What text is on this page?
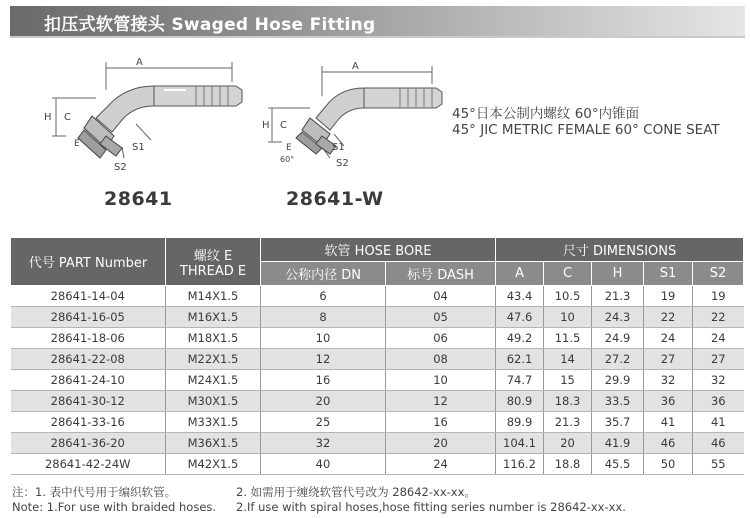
扣压式软管接头 Swaged Hose Fitting
A
H C
E	S1
S2
28641
A
H C
E
60°
S1
S2
28641-W
45°日本公制内螺纹 60°内锥面
45° JIC METRIC FEMALE 60° CONE SEAT
代号 PART Number	螺纹 E
THREAD E	软管 HOSE BORE		尺寸 DIMENSIONS				
		公称内径 DN	标号 DASH	A	C	H	S1	S2
28641-14-04	M14X1.5	6	04	43.4	10.5	21.3	19	19
28641-16-05	M16X1.5	8	05	47.6	10	24.3	22	22
28641-18-06	M18X1.5	10	06	49.2	11.5	24.9	24	24
28641-22-08	M22X1.5	12	08	62.1	14	27.2	27	27
28641-24-10	M24X1.5	16	10	74.7	15	29.9	32	32
28641-30-12	M30X1.5	20	12	80.9	18.3	33.5	36	36
28641-33-16	M33X1.5	25	16	89.9	21.3	35.7	41	41
28641-36-20	M36X1.5	32	20	104.1	20	41.9	46	46
28641-42-24W	M42X1.5	40	24	116.2	18.8	45.5	50	55
注：1. 表中代号用于编织软管。
Note: 1.For use with braided hoses.
2. 如需用于缠绕软管代号改为 28642-xx-xx。
2.If use with spiral hoses,hose fitting series number is 28642-xx-xx.
